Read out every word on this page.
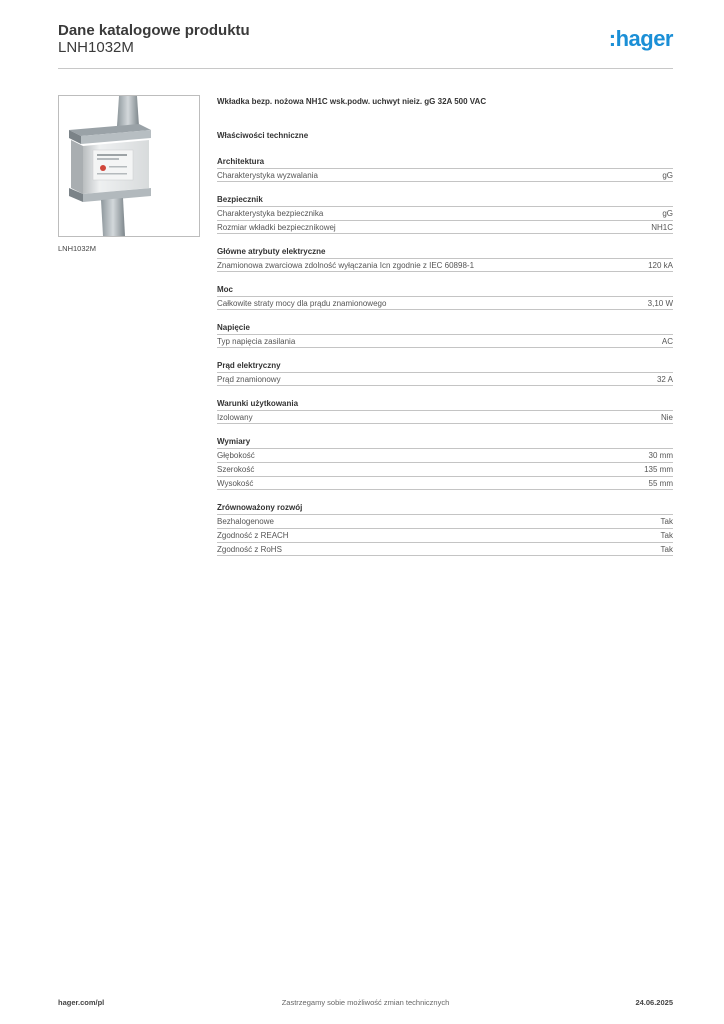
Dane katalogowe produktu
LNH1032M	:hager
LNH1032M
Wkładka bezp. nożowa NH1C wsk.podw. uchwyt nieiz. gG 32A 500 VAC
Właściwości techniczne
Architektura
Charakterystyka wyzwalania	gG
Bezpiecznik
Charakterystyka bezpiecznika	gG
Rozmiar wkładki bezpiecznikowej	NH1C
Główne atrybuty elektryczne
Znamionowa zwarciowa zdolność wyłączania Icn zgodnie z IEC 60898-1	120 kA
Moc
Całkowite straty mocy dla prądu znamionowego	3,10 W
Napięcie
Typ napięcia zasilania	AC
Prąd elektryczny
Prąd znamionowy	32 A
Warunki użytkowania
Izolowany	Nie
Wymiary
Głębokość	30 mm
Szerokość	135 mm
Wysokość	55 mm
Zrównoważony rozwój
Bezhalogenowe	Tak
Zgodność z REACH	Tak
Zgodność z RoHS	Tak
hager.com/pl	Zastrzegamy sobie możliwość zmian technicznych	24.06.2025
